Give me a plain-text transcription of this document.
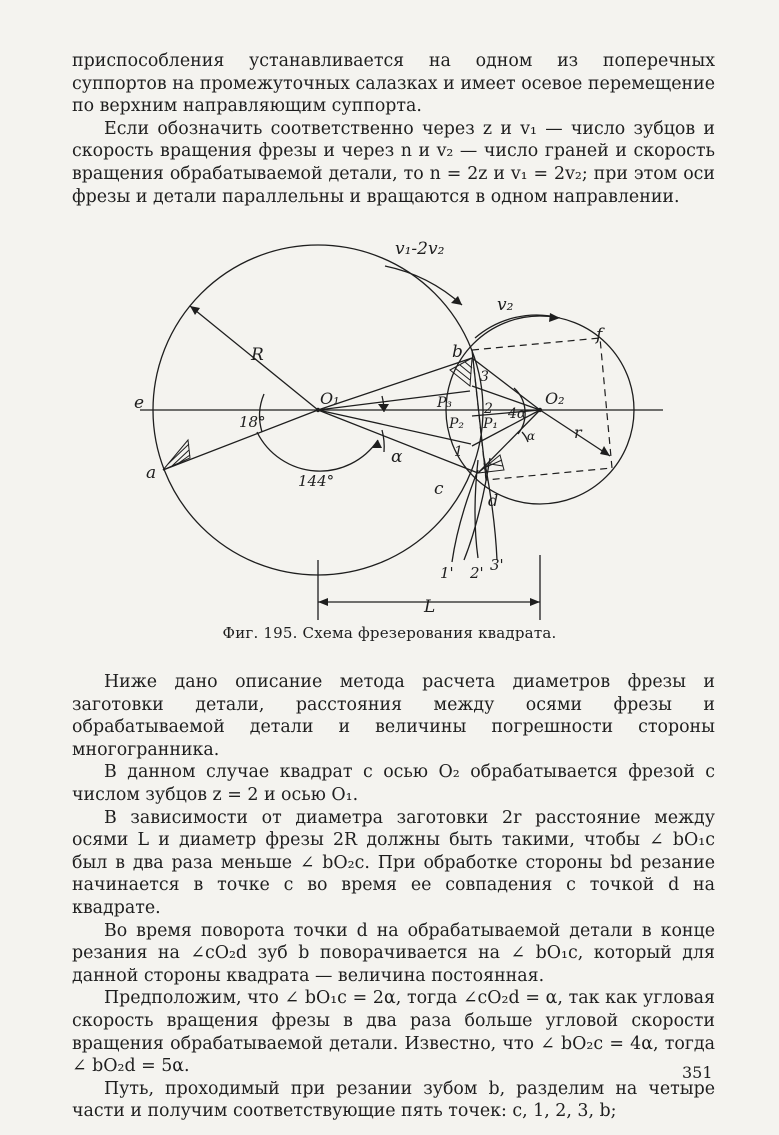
приспособления устанавливается на одном из поперечных суппортов на промежуточных салазках и имеет осевое перемещение по верхним направляющим суппорта.

Если обозначить соответственно через z и v₁ — число зубцов и скорость вращения фрезы и через n и v₂ — число граней и скорость вращения обрабатываемой детали, то n = 2z и v₁ = 2v₂; при этом оси фрезы и детали параллельны и вращаются в одном направлении.

v₁-2v₂
v₂
R	b
f
e	O₁	O₂
P₃
P₂ P₁
3
2
1
4α
α r
18°
α
a
c
d
144°
1' 2' 3'
L
Фиг. 195. Схема фрезерования квадрата.

Ниже дано описание метода расчета диаметров фрезы и заготовки детали, расстояния между осями фрезы и обрабатываемой детали и величины погрешности стороны многогранника.

В данном случае квадрат с осью O₂ обрабатывается фрезой с числом зубцов z = 2 и осью O₁.

В зависимости от диаметра заготовки 2r расстояние между осями L и диаметр фрезы 2R должны быть такими, чтобы ∠ bO₁c был в два раза меньше ∠ bO₂c. При обработке стороны bd резание начинается в точке c во время ее совпадения с точкой d на квадрате.

Во время поворота точки d на обрабатываемой детали в конце резания на ∠cO₂d зуб b поворачивается на ∠ bO₁c, который для данной стороны квадрата — величина постоянная.

Предположим, что ∠ bO₁c = 2α, тогда ∠cO₂d = α, так как угловая скорость вращения фрезы в два раза больше угловой скорости вращения обрабатываемой детали. Известно, что ∠ bO₂c = 4α, тогда ∠ bO₂d = 5α.

Путь, проходимый при резании зубом b, разделим на четыре части и получим соответствующие пять точек: c, 1, 2, 3, b;

351
